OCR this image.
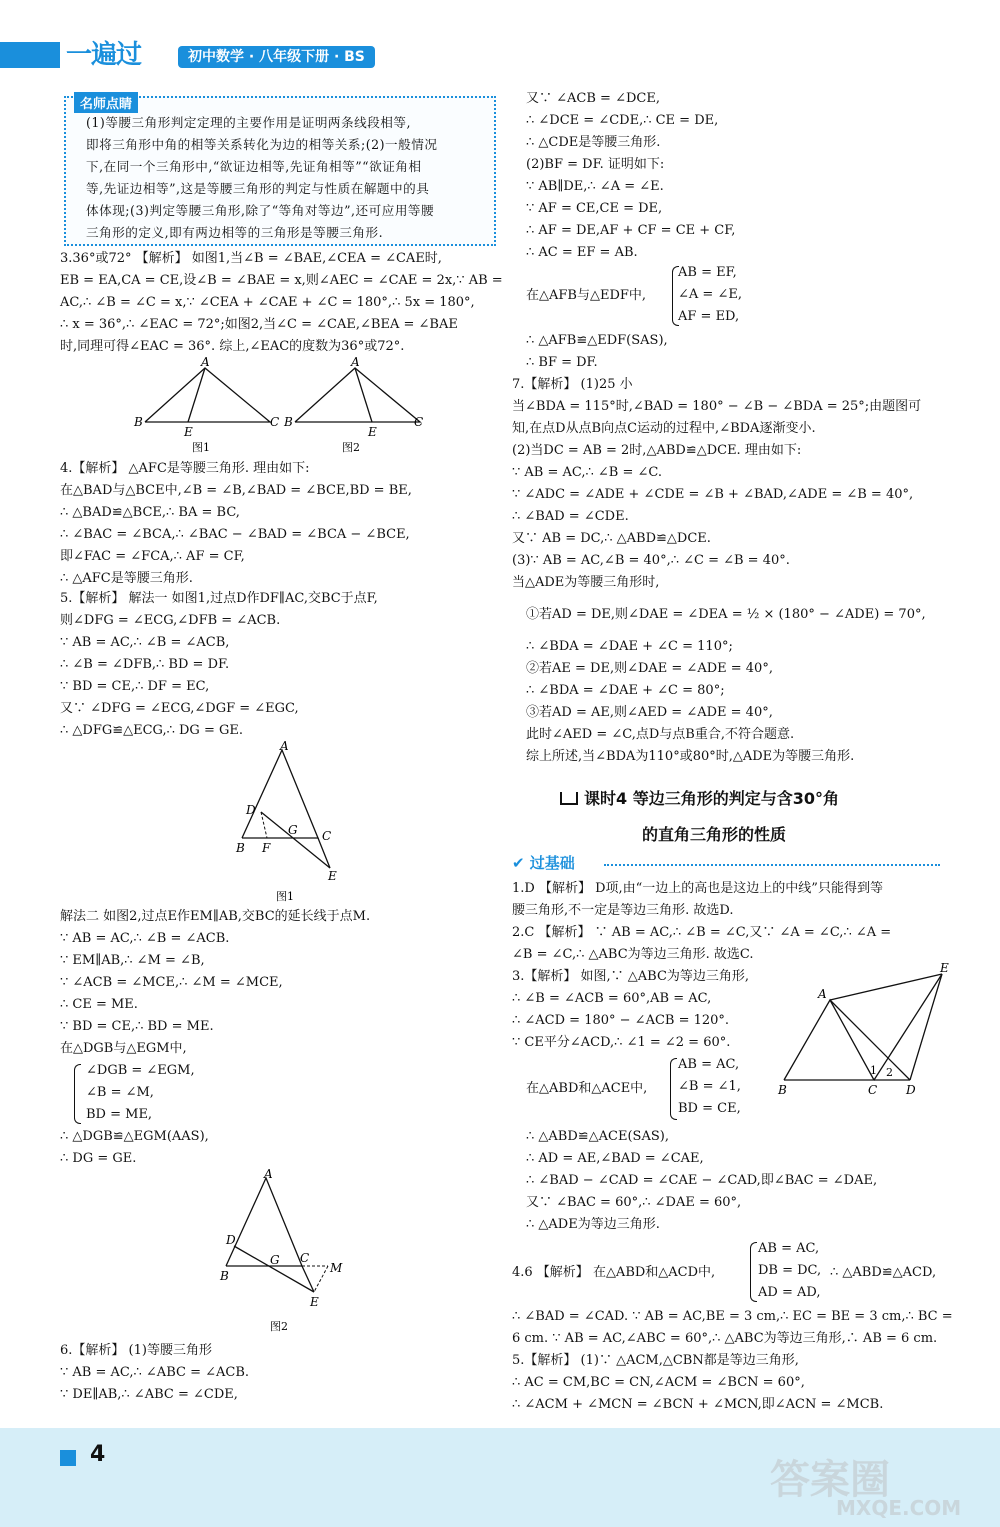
一遍过	初中数学 · 八年级下册 · BS
名师点睛
(1)等腰三角形判定定理的主要作用是证明两条线段相等,
即将三角形中角的相等关系转化为边的相等关系;(2)一般情况
下,在同一个三角形中,“欲证边相等,先证角相等”“欲证角相
等,先证边相等”,这是等腰三角形的判定与性质在解题中的具
体体现;(3)判定等腰三角形,除了“等角对等边”,还可应用等腰
三角形的定义,即有两边相等的三角形是等腰三角形.
3.36°或72° 【解析】 如图1,当∠B = ∠BAE,∠CEA = ∠CAE时,
EB = EA,CA = CE,设∠B = ∠BAE = x,则∠AEC = ∠CAE = 2x,∵ AB =
AC,∴ ∠B = ∠C = x,∵ ∠CEA + ∠CAE + ∠C = 180°,∴ 5x = 180°,
∴ x = 36°,∴ ∠EAC = 72°;如图2,当∠C = ∠CAE,∠BEA = ∠BAE
时,同理可得∠EAC = 36°. 综上,∠EAC的度数为36°或72°.
4.【解析】 △AFC是等腰三角形. 理由如下:
在△BAD与△BCE中,∠B = ∠B,∠BAD = ∠BCE,BD = BE,
∴ △BAD≌△BCE,∴ BA = BC,
∴ ∠BAC = ∠BCA,∴ ∠BAC − ∠BAD = ∠BCA − ∠BCE,
即∠FAC = ∠FCA,∴ AF = CF,
∴ △AFC是等腰三角形.
5.【解析】 解法一 如图1,过点D作DF∥AC,交BC于点F,
则∠DFG = ∠ECG,∠DFB = ∠ACB.
∵ AB = AC,∴ ∠B = ∠ACB,
∴ ∠B = ∠DFB,∴ BD = DF.
∵ BD = CE,∴ DF = EC,
又∵ ∠DFG = ∠ECG,∠DGF = ∠EGC,
∴ △DFG≌△ECG,∴ DG = GE.
解法二 如图2,过点E作EM∥AB,交BC的延长线于点M.
∵ AB = AC,∴ ∠B = ∠ACB.
∵ EM∥AB,∴ ∠M = ∠B,
∵ ∠ACB = ∠MCE,∴ ∠M = ∠MCE,
∴ CE = ME.
∵ BD = CE,∴ BD = ME.
在△DGB与△EGM中,
∠DGB = ∠EGM,
∠B = ∠M,
BD = ME,
∴ △DGB≌△EGM(AAS),
∴ DG = GE.
6.【解析】 (1)等腰三角形
∵ AB = AC,∴ ∠ABC = ∠ACB.
∵ DE∥AB,∴ ∠ABC = ∠CDE,
又∵ ∠ACB = ∠DCE,
∴ ∠DCE = ∠CDE,∴ CE = DE,
∴ △CDE是等腰三角形.
(2)BF = DF. 证明如下:
∵ AB∥DE,∴ ∠A = ∠E.
∵ AF = CE,CE = DE,
∴ AF = DE,AF + CF = CE + CF,
∴ AC = EF = AB.
在△AFB与△EDF中,
AB = EF,
∠A = ∠E,
AF = ED,
∴ △AFB≌△EDF(SAS),
∴ BF = DF.
7.【解析】 (1)25 小
当∠BDA = 115°时,∠BAD = 180° − ∠B − ∠BDA = 25°;由题图可
知,在点D从点B向点C运动的过程中,∠BDA逐渐变小.
(2)当DC = AB = 2时,△ABD≌△DCE. 理由如下:
∵ AB = AC,∴ ∠B = ∠C.
∵ ∠ADC = ∠ADE + ∠CDE = ∠B + ∠BAD,∠ADE = ∠B = 40°,
∴ ∠BAD = ∠CDE.
又∵ AB = DC,∴ △ABD≌△DCE.
(3)∵ AB = AC,∠B = 40°,∴ ∠C = ∠B = 40°.
当△ADE为等腰三角形时,
①若AD = DE,则∠DAE = ∠DEA = ½ × (180° − ∠ADE) = 70°,
∴ ∠BDA = ∠DAE + ∠C = 110°;
②若AE = DE,则∠DAE = ∠ADE = 40°,
∴ ∠BDA = ∠DAE + ∠C = 80°;
③若AD = AE,则∠AED = ∠ADE = 40°,
此时∠AED = ∠C,点D与点B重合,不符合题意.
综上所述,当∠BDA为110°或80°时,△ADE为等腰三角形.
1.D 【解析】 D项,由“一边上的高也是这边上的中线”只能得到等
腰三角形,不一定是等边三角形. 故选D.
2.C 【解析】 ∵ AB = AC,∴ ∠B = ∠C,又∵ ∠A = ∠C,∴ ∠A =
∠B = ∠C,∴ △ABC为等边三角形. 故选C.
3.【解析】 如图,∵ △ABC为等边三角形,
∴ ∠B = ∠ACB = 60°,AB = AC,
∴ ∠ACD = 180° − ∠ACB = 120°.
∵ CE平分∠ACD,∴ ∠1 = ∠2 = 60°.
在△ABD和△ACE中,
AB = AC,
∠B = ∠1,
BD = CE,
∴ △ABD≌△ACE(SAS),
∴ AD = AE,∠BAD = ∠CAE,
∴ ∠BAD − ∠CAD = ∠CAE − ∠CAD,即∠BAC = ∠DAE,
又∵ ∠BAC = 60°,∴ ∠DAE = 60°,
∴ △ADE为等边三角形.
4.6 【解析】 在△ABD和△ACD中,	∴ △ABD≌△ACD,
AB = AC,
DB = DC,
AD = AD,
∴ ∠BAD = ∠CAD. ∵ AB = AC,BE = 3 cm,∴ EC = BE = 3 cm,∴ BC =
6 cm. ∵ AB = AC,∠ABC = 60°,∴ △ABC为等边三角形,∴ AB = 6 cm.
5.【解析】 (1)∵ △ACM,△CBN都是等边三角形,
∴ AC = CM,BC = CN,∠ACM = ∠BCN = 60°,
∴ ∠ACM + ∠MCN = ∠BCN + ∠MCN,即∠ACN = ∠MCB.
课时4 等边三角形的判定与含30°角
的直角三角形的性质
✔ 过基础
A
B
E
C
图1
A
B
E
C
图2
A
D
G C
B F
E
图1
A
D
G C
M
B
E
图2
E
A
1 2
B	C D
4
答案圈
MXQE.COM
